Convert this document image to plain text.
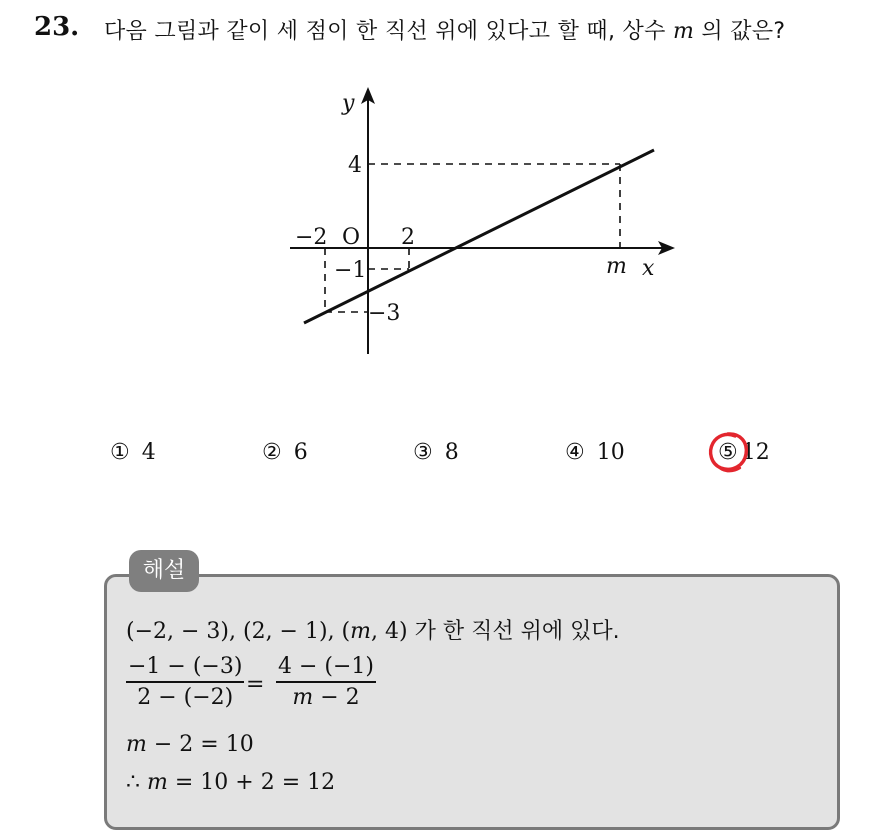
23. 다음 그림과 같이 세 점이 한 직선 위에 있다고 할 때, 상수 m 의 값은?
y
x
O
4
−2	2
m
−1
−3
① 4	② 6	③ 8	④ 10	⑤ 12
해설
(−2, − 3), (2, − 1), (m, 4) 가 한 직선 위에 있다.
$\frac{-1 - (-3)}{2 - (-2)} = \frac{4 - (-1)}{m - 2}$
m − 2 = 10
∴ m = 10 + 2 = 12
